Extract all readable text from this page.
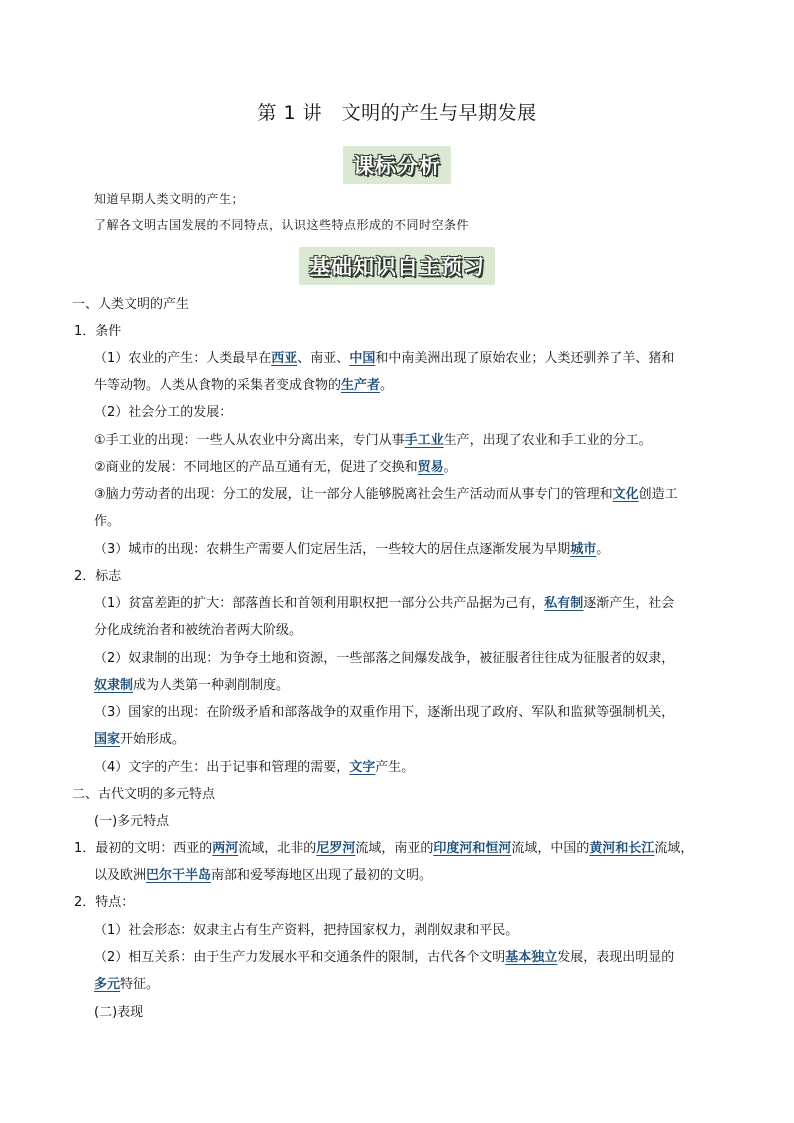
第 1 讲　文明的产生与早期发展
课标分析
知道早期人类文明的产生；
了解各文明古国发展的不同特点，认识这些特点形成的不同时空条件
基础知识自主预习
一、人类文明的产生
1．条件
（1）农业的产生：人类最早在西亚、南亚、中国和中南美洲出现了原始农业；人类还驯养了羊、猪和
牛等动物。人类从食物的采集者变成食物的生产者。
（2）社会分工的发展：
①手工业的出现：一些人从农业中分离出来，专门从事手工业生产，出现了农业和手工业的分工。
②商业的发展：不同地区的产品互通有无，促进了交换和贸易。
③脑力劳动者的出现：分工的发展，让一部分人能够脱离社会生产活动而从事专门的管理和文化创造工
作。
（3）城市的出现：农耕生产需要人们定居生活，一些较大的居住点逐渐发展为早期城市。
2．标志
（1）贫富差距的扩大：部落酋长和首领利用职权把一部分公共产品据为己有，私有制逐渐产生，社会
分化成统治者和被统治者两大阶级。
（2）奴隶制的出现：为争夺土地和资源，一些部落之间爆发战争，被征服者往往成为征服者的奴隶，
奴隶制成为人类第一种剥削制度。
（3）国家的出现：在阶级矛盾和部落战争的双重作用下，逐渐出现了政府、军队和监狱等强制机关，
国家开始形成。
（4）文字的产生：出于记事和管理的需要，文字产生。
二、古代文明的多元特点
(一)多元特点
1．最初的文明：西亚的两河流域，北非的尼罗河流域，南亚的印度河和恒河流域，中国的黄河和长江流域，
以及欧洲巴尔干半岛南部和爱琴海地区出现了最初的文明。
2．特点：
（1）社会形态：奴隶主占有生产资料，把持国家权力，剥削奴隶和平民。
（2）相互关系：由于生产力发展水平和交通条件的限制，古代各个文明基本独立发展，表现出明显的
多元特征。
(二)表现
